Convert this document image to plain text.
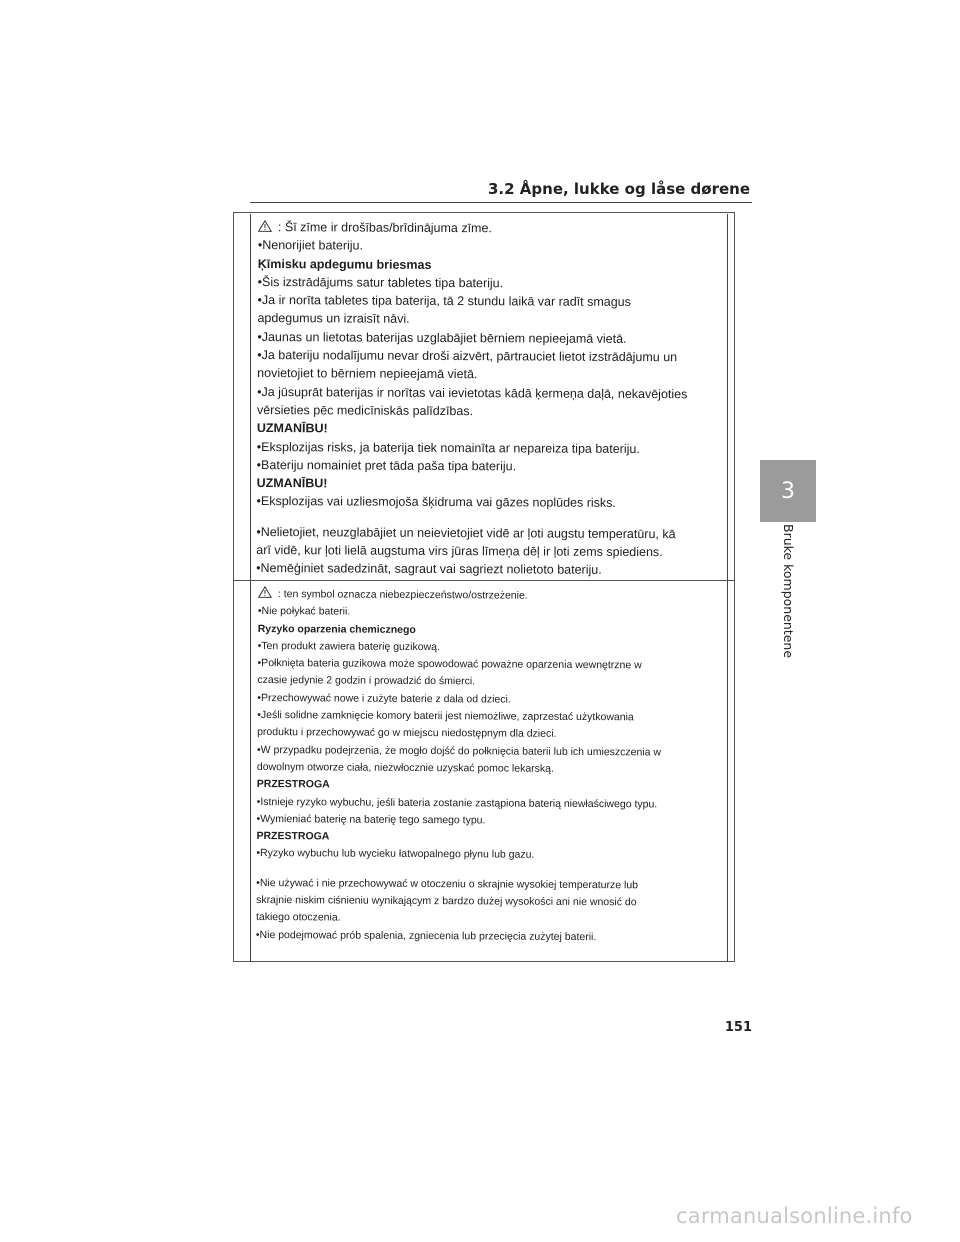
3.2 Åpne, lukke og låse dørene
3
Bruke komponentene
: Šī zīme ir drošības/brīdinājuma zīme.
•Nenorijiet bateriju.
Ķīmisku apdegumu briesmas
•Šis izstrādājums satur tabletes tipa bateriju.
•Ja ir norīta tabletes tipa baterija, tā 2 stundu laikā var radīt smagus
apdegumus un izraisīt nāvi.
•Jaunas un lietotas baterijas uzglabājiet bērniem nepieejamā vietā.
•Ja bateriju nodalījumu nevar droši aizvērt, pārtrauciet lietot izstrādājumu un
novietojiet to bērniem nepieejamā vietā.
•Ja jūsuprāt baterijas ir norītas vai ievietotas kādā ķermeņa daļā, nekavējoties
vērsieties pēc medicīniskās palīdzības.
UZMANĪBU!
•Eksplozijas risks, ja baterija tiek nomainīta ar nepareiza tipa bateriju.
•Bateriju nomainiet pret tāda paša tipa bateriju.
UZMANĪBU!
•Eksplozijas vai uzliesmojoša šķidruma vai gāzes noplūdes risks.
•Nelietojiet, neuzglabājiet un neievietojiet vidē ar ļoti augstu temperatūru, kā
arī vidē, kur ļoti lielā augstuma virs jūras līmeņa dēļ ir ļoti zems spiediens.
•Nemēģiniet sadedzināt, sagraut vai sagriezt nolietoto bateriju.
: ten symbol oznacza niebezpieczeństwo/ostrzeżenie.
•Nie połykać baterii.
Ryzyko oparzenia chemicznego
•Ten produkt zawiera baterię guzikową.
•Połknięta bateria guzikowa może spowodować poważne oparzenia wewnętrzne w
czasie jedynie 2 godzin i prowadzić do śmierci.
•Przechowywać nowe i zużyte baterie z dala od dzieci.
•Jeśli solidne zamknięcie komory baterii jest niemożliwe, zaprzestać użytkowania
produktu i przechowywać go w miejscu niedostępnym dla dzieci.
•W przypadku podejrzenia, że mogło dojść do połknięcia baterii lub ich umieszczenia w
dowolnym otworze ciała, niezwłocznie uzyskać pomoc lekarską.
PRZESTROGA
•Istnieje ryzyko wybuchu, jeśli bateria zostanie zastąpiona baterią niewłaściwego typu.
•Wymieniać baterię na baterię tego samego typu.
PRZESTROGA
•Ryzyko wybuchu lub wycieku łatwopalnego płynu lub gazu.
•Nie używać i nie przechowywać w otoczeniu o skrajnie wysokiej temperaturze lub
skrajnie niskim ciśnieniu wynikającym z bardzo dużej wysokości ani nie wnosić do
takiego otoczenia.
•Nie podejmować prób spalenia, zgniecenia lub przecięcia zużytej baterii.
151
carmanualsonline.info
